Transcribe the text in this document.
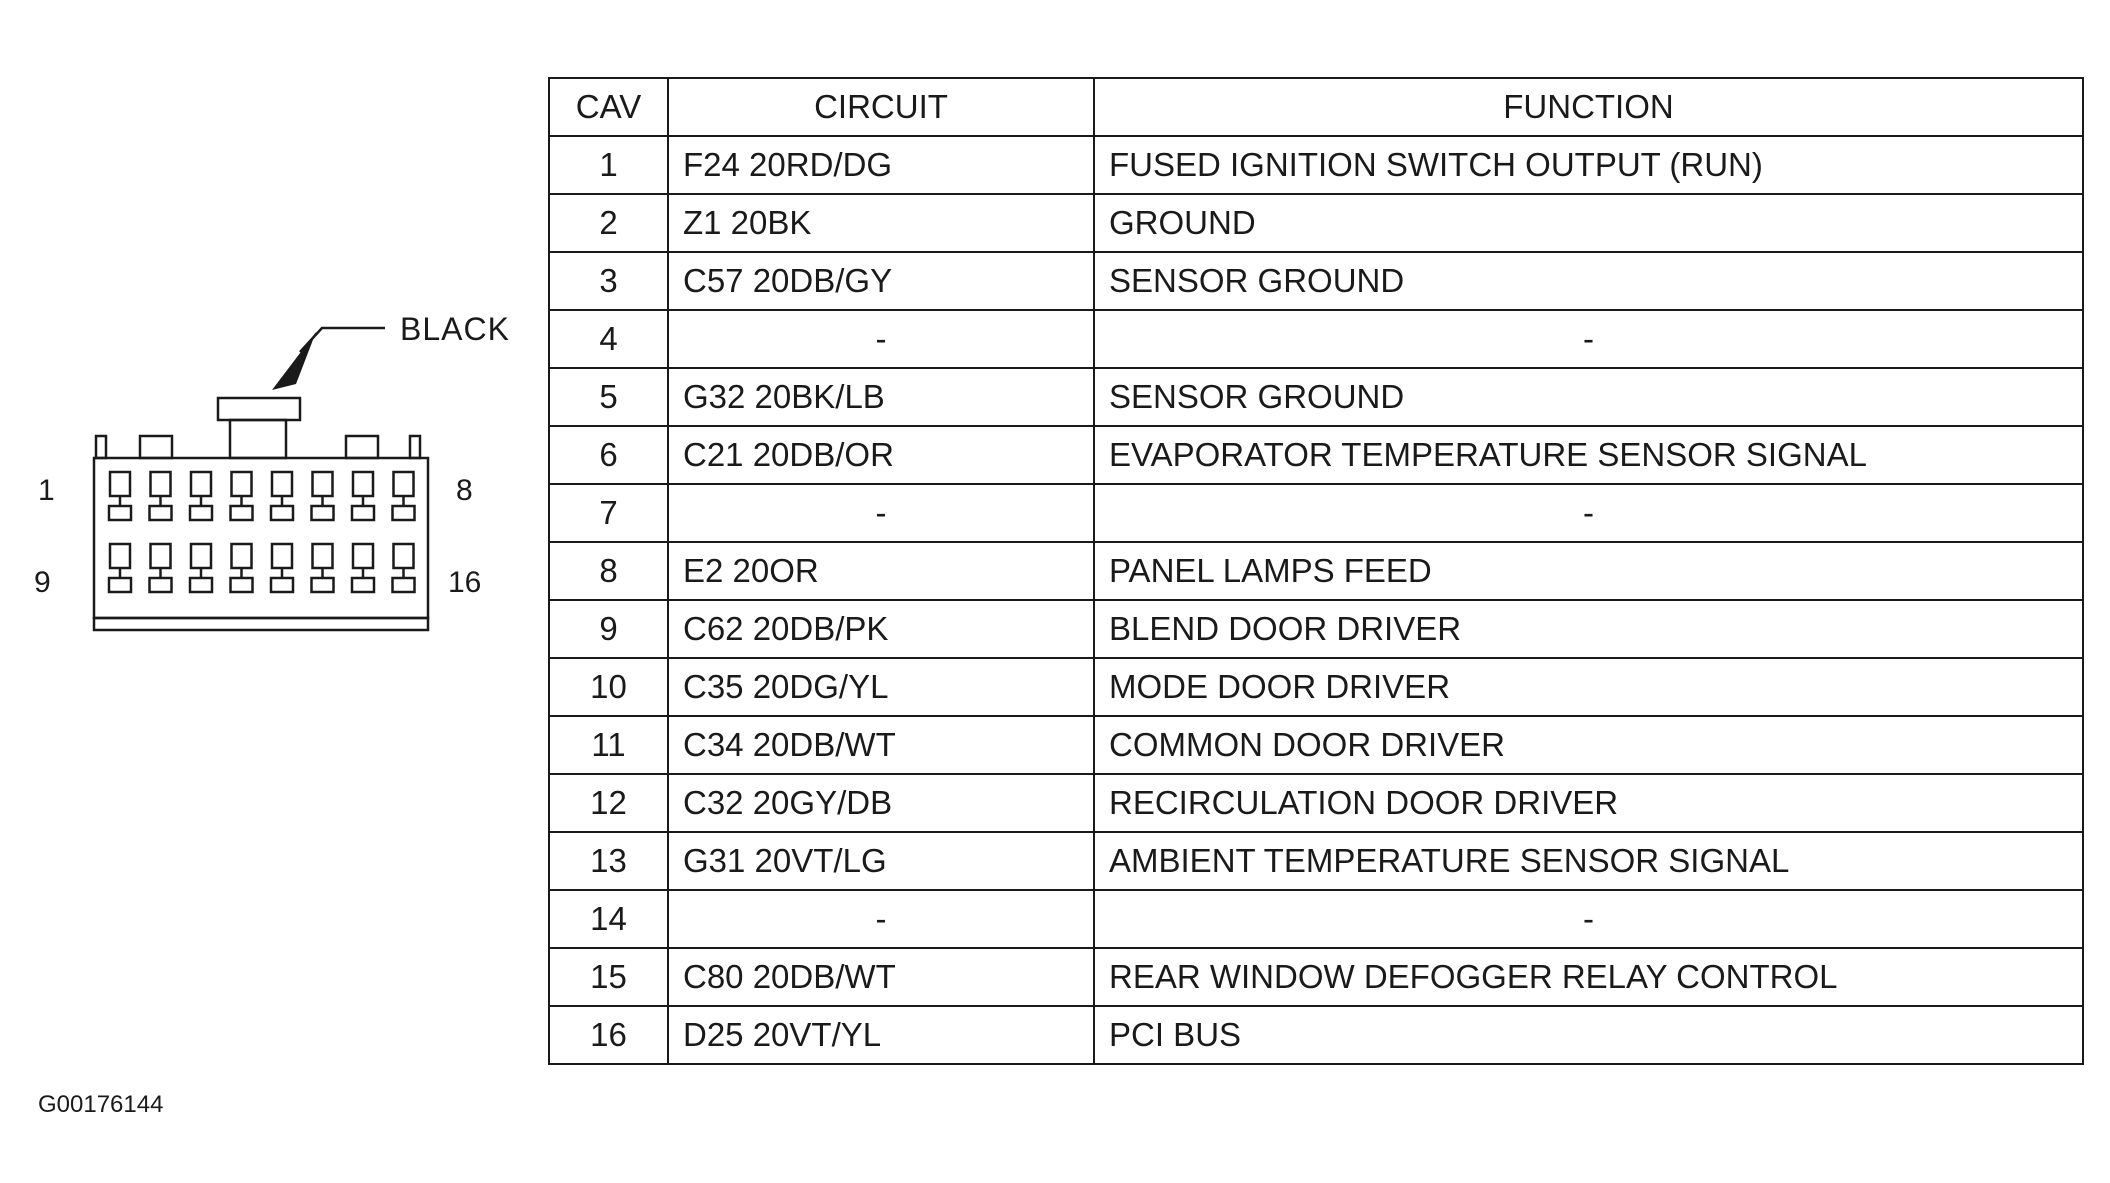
BLACK
1	8
9	16
CAV	CIRCUIT	FUNCTION
1	F24 20RD/DG	FUSED IGNITION SWITCH OUTPUT (RUN)
2	Z1 20BK	GROUND
3	C57 20DB/GY	SENSOR GROUND
4	-	-
5	G32 20BK/LB	SENSOR GROUND
6	C21 20DB/OR	EVAPORATOR TEMPERATURE SENSOR SIGNAL
7	-	-
8	E2 20OR	PANEL LAMPS FEED
9	C62 20DB/PK	BLEND DOOR DRIVER
10	C35 20DG/YL	MODE DOOR DRIVER
11	C34 20DB/WT	COMMON DOOR DRIVER
12	C32 20GY/DB	RECIRCULATION DOOR DRIVER
13	G31 20VT/LG	AMBIENT TEMPERATURE SENSOR SIGNAL
14	-	-
15	C80 20DB/WT	REAR WINDOW DEFOGGER RELAY CONTROL
16	D25 20VT/YL	PCI BUS
G00176144
